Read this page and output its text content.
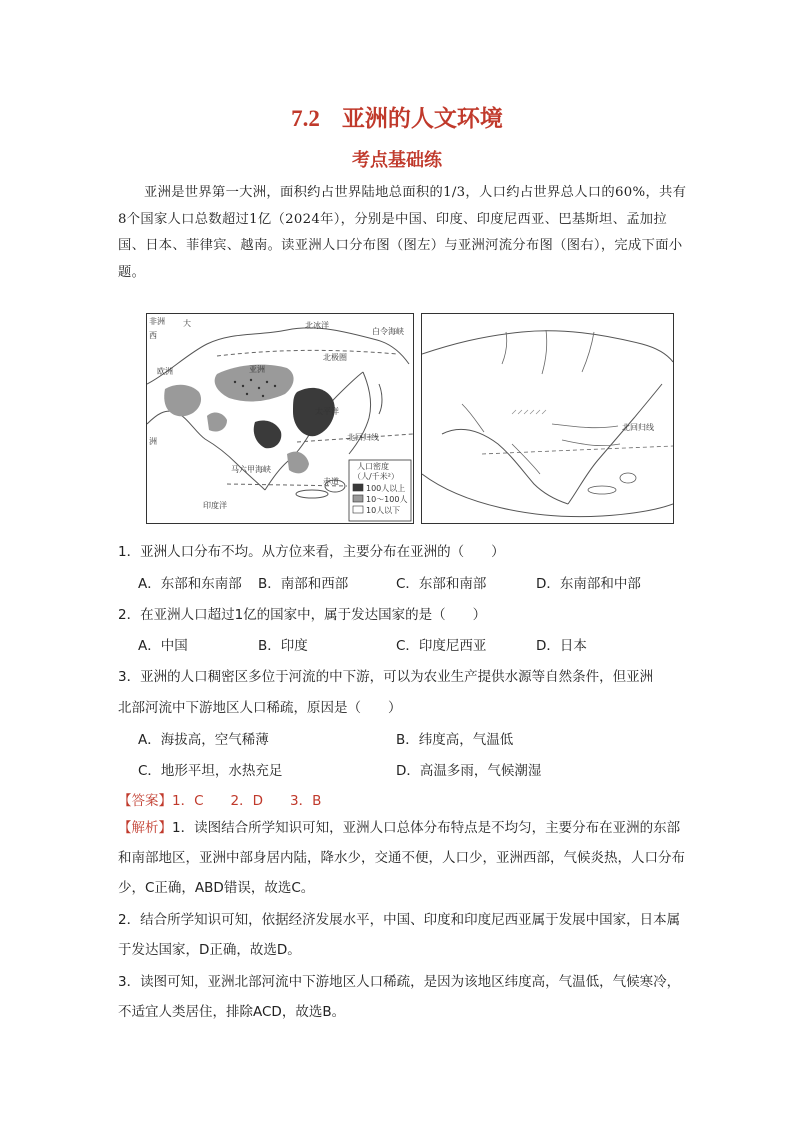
7.2 亚洲的人文环境
考点基础练
亚洲是世界第一大洲，面积约占世界陆地总面积的1/3，人口约占世界总人口的60%，共有8个国家人口总数超过1亿（2024年），分别是中国、印度、印度尼西亚、巴基斯坦、孟加拉国、日本、菲律宾、越南。读亚洲人口分布图（图左）与亚洲河流分布图（图右），完成下面小题。
非洲 大
西
北冰洋
白令海峡
北极圈
欧洲	亚洲
太平洋
北回归线
洲
马六甲海峡
赤道
印度洋
人口密度
（人/千米²）
100人以上
10～100人
10人以下
北回归线
1．亚洲人口分布不均。从方位来看，主要分布在亚洲的（　　）
A．东部和东南部 B．南部和西部	C．东部和南部	D．东南部和中部
2．在亚洲人口超过1亿的国家中，属于发达国家的是（　　）
A．中国	B．印度	C．印度尼西亚	D．日本
3．亚洲的人口稠密区多位于河流的中下游，可以为农业生产提供水源等自然条件，但亚洲
北部河流中下游地区人口稀疏，原因是（　　）
A．海拔高，空气稀薄	B．纬度高，气温低
C．地形平坦，水热充足	D．高温多雨，气候潮湿
【答案】1．C　　2．D　　3．B
【解析】1．读图结合所学知识可知，亚洲人口总体分布特点是不均匀，主要分布在亚洲的东部和南部地区，亚洲中部身居内陆，降水少，交通不便，人口少，亚洲西部，气候炎热，人口分布少，C正确，ABD错误，故选C。
2．结合所学知识可知，依据经济发展水平，中国、印度和印度尼西亚属于发展中国家，日本属于发达国家，D正确，故选D。
3．读图可知，亚洲北部河流中下游地区人口稀疏，是因为该地区纬度高，气温低，气候寒冷，不适宜人类居住，排除ACD，故选B。
